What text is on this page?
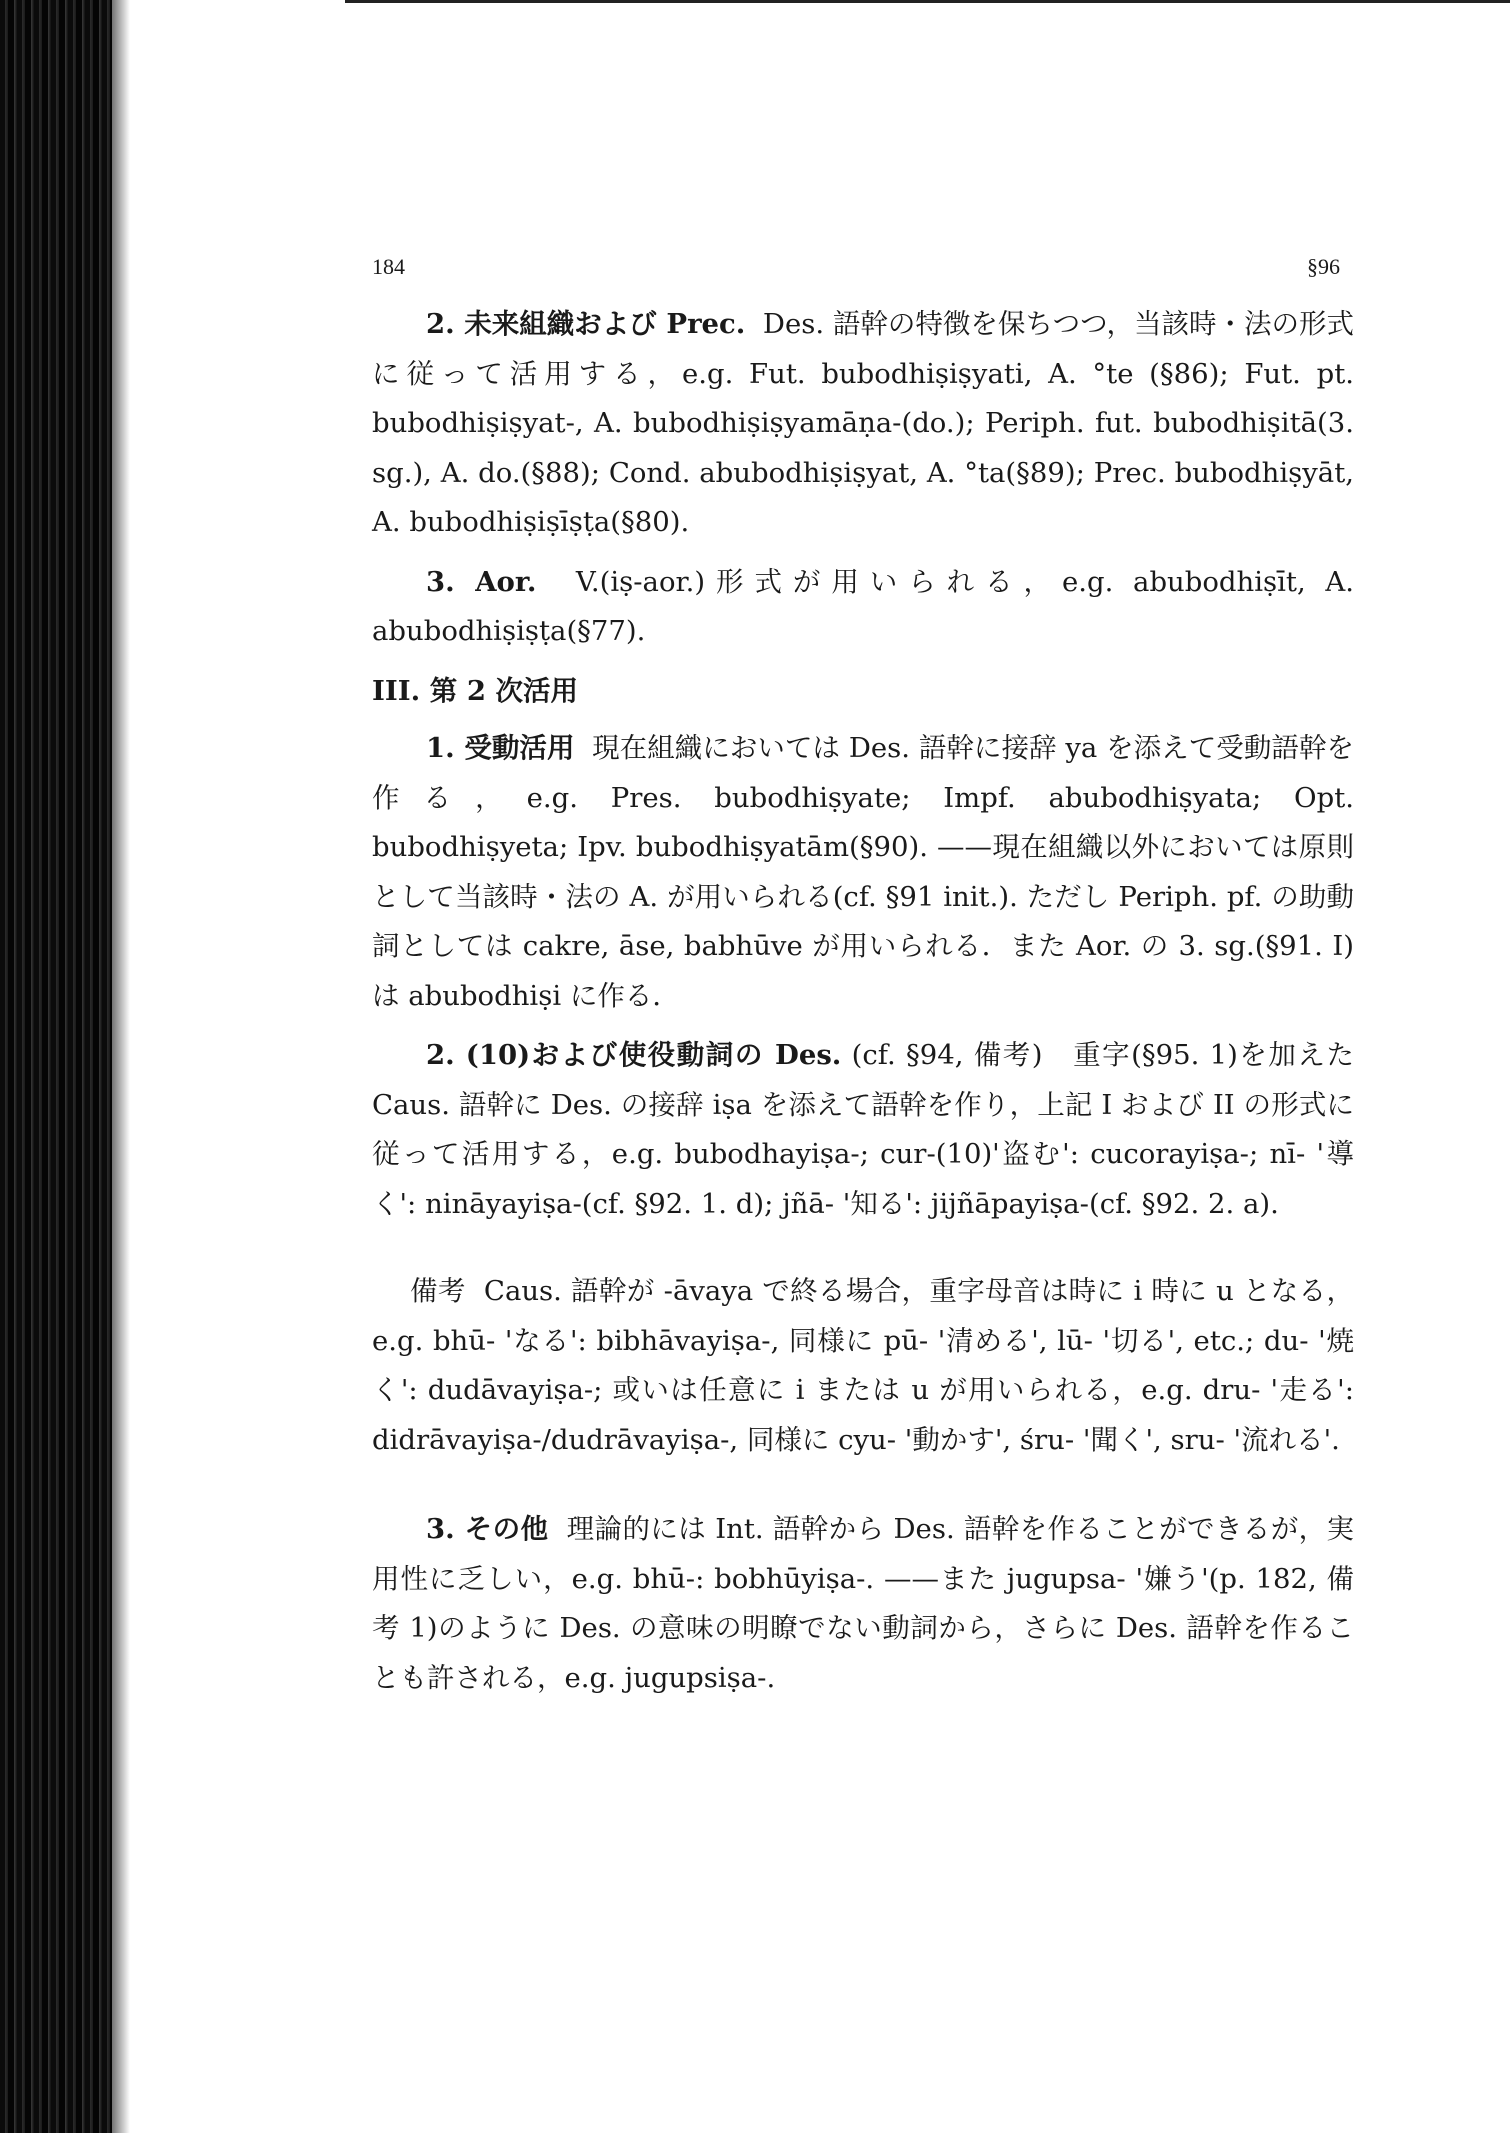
184	§96

2. 未来組織および Prec. Des. 語幹の特徴を保ちつつ，当該時・法の形式に従って活用する，e.g. Fut. bubodhiṣiṣyati, A. °te (§86); Fut. pt. bubodhiṣiṣyat-, A. bubodhiṣiṣyamāṇa-(do.); Periph. fut. bubodhiṣitā(3. sg.), A. do.(§88); Cond. abubodhiṣiṣyat, A. °ta(§89); Prec. bubodhiṣyāt, A. bubodhiṣiṣīṣṭa(§80).

3. Aor. V.(iṣ-aor.)形式が用いられる，e.g. abubodhiṣīt, A. abubodhiṣiṣṭa(§77).

III. 第 2 次活用

1. 受動活用 現在組織においては Des. 語幹に接辞 ya を添えて受動語幹を作る，e.g. Pres. bubodhiṣyate; Impf. abubodhiṣyata; Opt. bubodhiṣyeta; Ipv. bubodhiṣyatām(§90). ——現在組織以外においては原則として当該時・法の A. が用いられる(cf. §91 init.). ただし Periph. pf. の助動詞としては cakre, āse, babhūve が用いられる．また Aor. の 3. sg.(§91. I)は abubodhiṣi に作る．

2. (10)および使役動詞の Des. (cf. §94, 備考)　重字(§95. 1)を加えた Caus. 語幹に Des. の接辞 iṣa を添えて語幹を作り，上記 I および II の形式に従って活用する，e.g. bubodhayiṣa-; cur-(10)'盗む': cucorayiṣa-; nī- '導く': nināyayiṣa-(cf. §92. 1. d); jñā- '知る': jijñāpayiṣa-(cf. §92. 2. a).

備考 Caus. 語幹が -āvaya で終る場合，重字母音は時に i 時に u となる，e.g. bhū- 'なる': bibhāvayiṣa-, 同様に pū- '清める', lū- '切る', etc.; du- '焼く': dudāvayiṣa-; 或いは任意に i または u が用いられる，e.g. dru- '走る': didrāvayiṣa-/dudrāvayiṣa-, 同様に cyu- '動かす', śru- '聞く', sru- '流れる'.

3. その他 理論的には Int. 語幹から Des. 語幹を作ることができるが，実用性に乏しい，e.g. bhū-: bobhūyiṣa-. ——また jugupsa- '嫌う'(p. 182, 備考 1)のように Des. の意味の明瞭でない動詞から，さらに Des. 語幹を作ることも許される，e.g. jugupsiṣa-.
